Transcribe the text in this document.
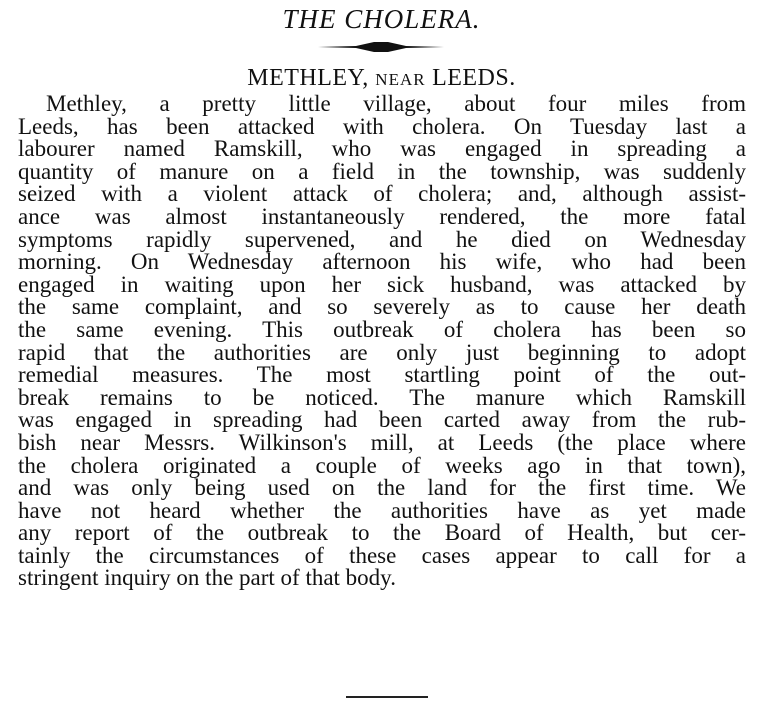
THE CHOLERA.
METHLEY, NEAR LEEDS.
Methley, a pretty little village, about four miles from
Leeds, has been attacked with cholera. On Tuesday last a
labourer named Ramskill, who was engaged in spreading a
quantity of manure on a field in the township, was suddenly
seized with a violent attack of cholera; and, although assist-
ance was almost instantaneously rendered, the more fatal
symptoms rapidly supervened, and he died on Wednesday
morning. On Wednesday afternoon his wife, who had been
engaged in waiting upon her sick husband, was attacked by
the same complaint, and so severely as to cause her death
the same evening. This outbreak of cholera has been so
rapid that the authorities are only just beginning to adopt
remedial measures. The most startling point of the out-
break remains to be noticed. The manure which Ramskill
was engaged in spreading had been carted away from the rub-
bish near Messrs. Wilkinson's mill, at Leeds (the place where
the cholera originated a couple of weeks ago in that town),
and was only being used on the land for the first time. We
have not heard whether the authorities have as yet made
any report of the outbreak to the Board of Health, but cer-
tainly the circumstances of these cases appear to call for a
stringent inquiry on the part of that body.
